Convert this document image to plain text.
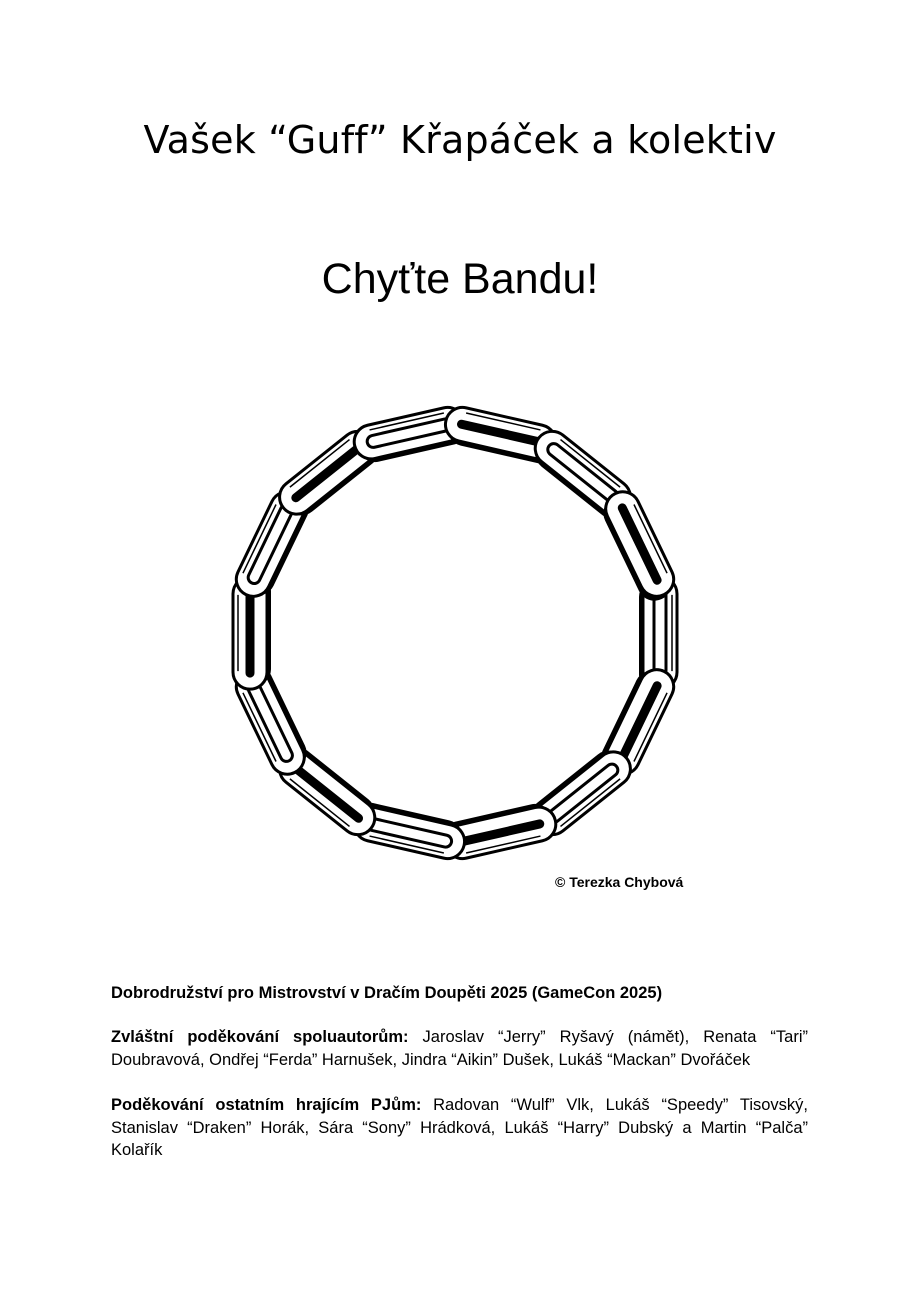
Vašek “Guff” Křapáček a kolektiv
Chyťte Bandu!
© Terezka Chybová
Dobrodružství pro Mistrovství v Dračím Doupěti 2025 (GameCon 2025)
Zvláštní poděkování spoluautorům: Jaroslav “Jerry” Ryšavý (námět), Renata “Tari” Doubravová, Ondřej “Ferda” Harnušek, Jindra “Aikin” Dušek, Lukáš “Mackan” Dvořáček
Poděkování ostatním hrajícím PJům: Radovan “Wulf” Vlk, Lukáš “Speedy” Tisovský, Stanislav “Draken” Horák, Sára “Sony” Hrádková, Lukáš “Harry” Dubský a Martin “Palča” Kolařík
